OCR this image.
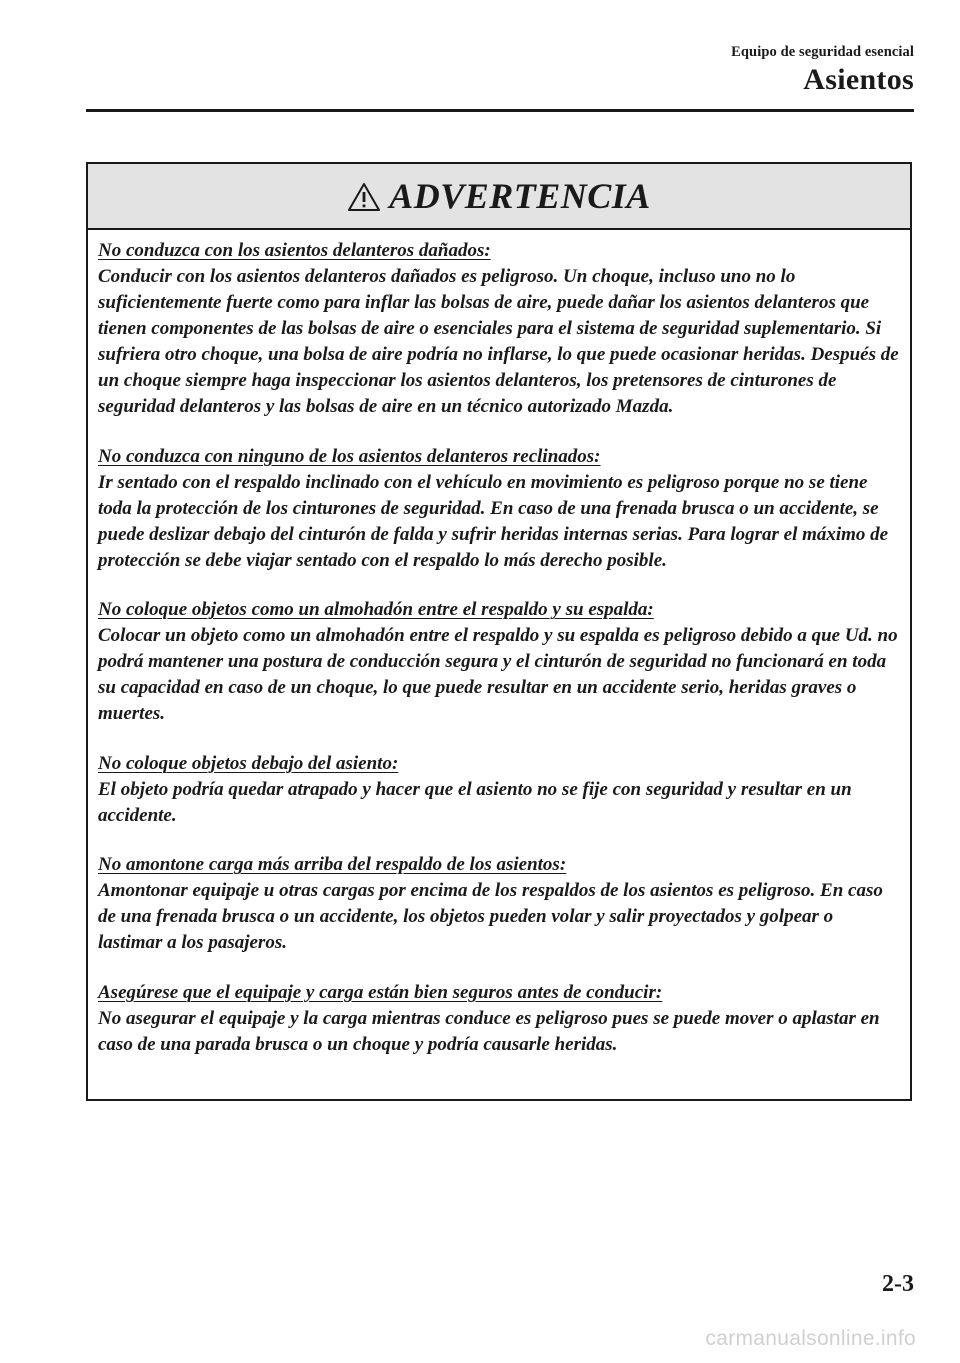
Equipo de seguridad esencial
Asientos
ADVERTENCIA
No conduzca con los asientos delanteros dañados:
Conducir con los asientos delanteros dañados es peligroso. Un choque, incluso uno no lo suficientemente fuerte como para inflar las bolsas de aire, puede dañar los asientos delanteros que tienen componentes de las bolsas de aire o esenciales para el sistema de seguridad suplementario. Si sufriera otro choque, una bolsa de aire podría no inflarse, lo que puede ocasionar heridas. Después de un choque siempre haga inspeccionar los asientos delanteros, los pretensores de cinturones de seguridad delanteros y las bolsas de aire en un técnico autorizado Mazda.
No conduzca con ninguno de los asientos delanteros reclinados:
Ir sentado con el respaldo inclinado con el vehículo en movimiento es peligroso porque no se tiene toda la protección de los cinturones de seguridad. En caso de una frenada brusca o un accidente, se puede deslizar debajo del cinturón de falda y sufrir heridas internas serias. Para lograr el máximo de protección se debe viajar sentado con el respaldo lo más derecho posible.
No coloque objetos como un almohadón entre el respaldo y su espalda:
Colocar un objeto como un almohadón entre el respaldo y su espalda es peligroso debido a que Ud. no podrá mantener una postura de conducción segura y el cinturón de seguridad no funcionará en toda su capacidad en caso de un choque, lo que puede resultar en un accidente serio, heridas graves o muertes.
No coloque objetos debajo del asiento:
El objeto podría quedar atrapado y hacer que el asiento no se fije con seguridad y resultar en un accidente.
No amontone carga más arriba del respaldo de los asientos:
Amontonar equipaje u otras cargas por encima de los respaldos de los asientos es peligroso. En caso de una frenada brusca o un accidente, los objetos pueden volar y salir proyectados y golpear o lastimar a los pasajeros.
Asegúrese que el equipaje y carga están bien seguros antes de conducir:
No asegurar el equipaje y la carga mientras conduce es peligroso pues se puede mover o aplastar en caso de una parada brusca o un choque y podría causarle heridas.
2-3
carmanualsonline.info
